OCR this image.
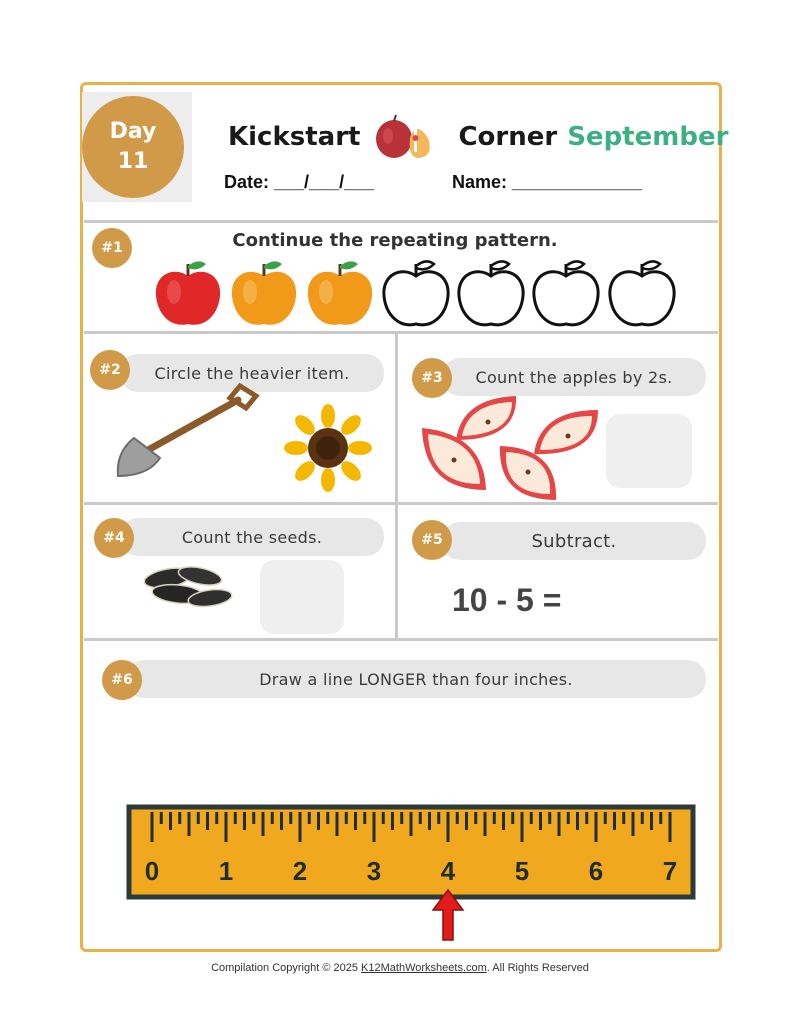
Day
11
Kickstart	Corner September
Date: ___/___/___	Name: _____________
#1	Continue the repeating pattern.
Circle the heavier item.
#2	Count the apples by 2s.
#3
Count the seeds.
#4	Subtract.
#5
10 - 5 =
Draw a line LONGER than four inches.
#6
0 1 2 3 4 5 6 7
Compilation Copyright © 2025 K12MathWorksheets.com. All Rights Reserved
